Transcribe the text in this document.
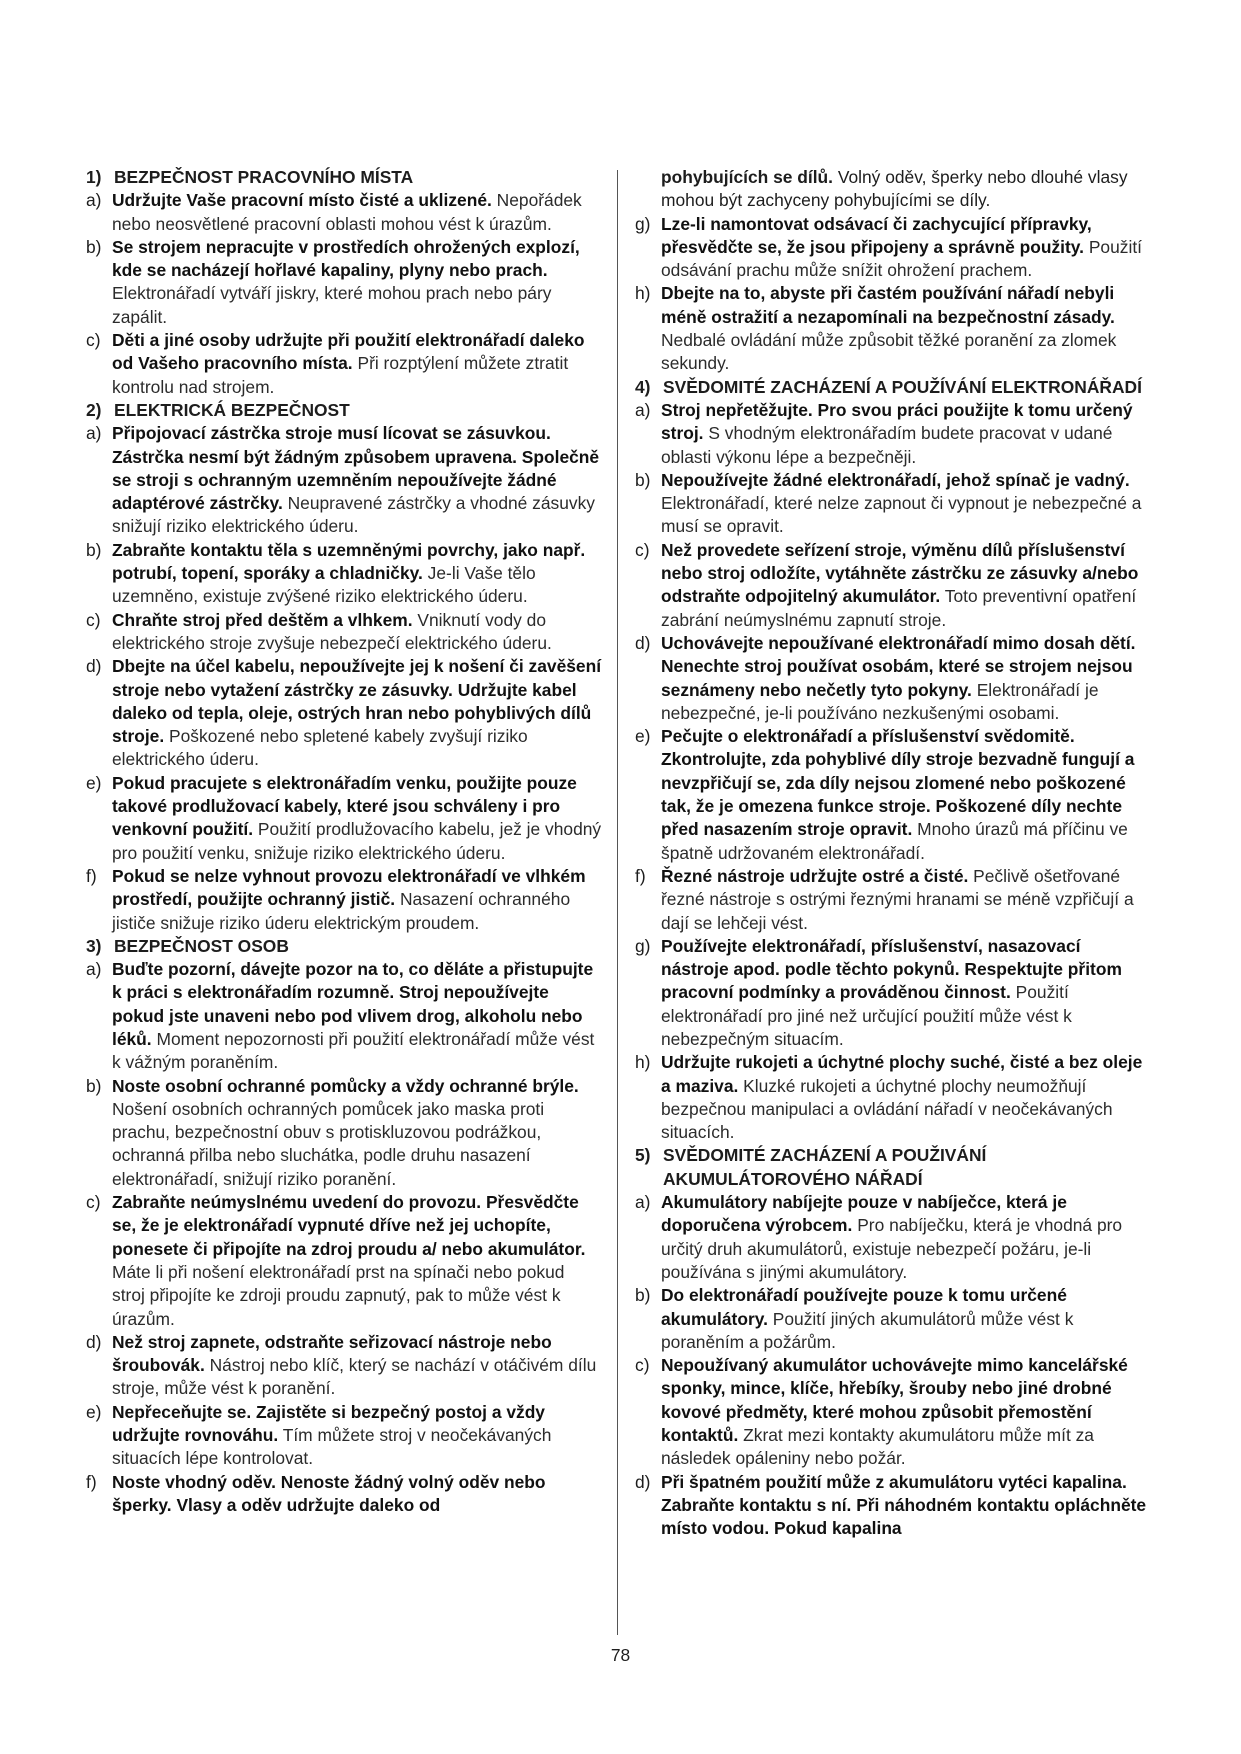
1) BEZPEČNOST PRACOVNÍHO MÍSTA

a) Udržujte Vaše pracovní místo čisté a uklizené. Nepořádek nebo neosvětlené pracovní oblasti mohou vést k úrazům.

b) Se strojem nepracujte v prostředích ohrožených explozí, kde se nacházejí hořlavé kapaliny, plyny nebo prach. Elektronářadí vytváří jiskry, které mohou prach nebo páry zapálit.

c) Děti a jiné osoby udržujte při použití elektronářadí daleko od Vašeho pracovního místa. Při rozptýlení můžete ztratit kontrolu nad strojem.

2) ELEKTRICKÁ BEZPEČNOST

a) Připojovací zástrčka stroje musí lícovat se zásuvkou. Zástrčka nesmí být žádným způsobem upravena. Společně se stroji s ochranným uzemněním nepoužívejte žádné adaptérové zástrčky. Neupravené zástrčky a vhodné zásuvky snižují riziko elektrického úderu.

b) Zabraňte kontaktu těla s uzemněnými povrchy, jako např. potrubí, topení, sporáky a chladničky. Je-li Vaše tělo uzemněno, existuje zvýšené riziko elektrického úderu.

c) Chraňte stroj před deštěm a vlhkem. Vniknutí vody do elektrického stroje zvyšuje nebezpečí elektrického úderu.

d) Dbejte na účel kabelu, nepoužívejte jej k nošení či zavěšení stroje nebo vytažení zástrčky ze zásuvky. Udržujte kabel daleko od tepla, oleje, ostrých hran nebo pohyblivých dílů stroje. Poškozené nebo spletené kabely zvyšují riziko elektrického úderu.

e) Pokud pracujete s elektronářadím venku, použijte pouze takové prodlužovací kabely, které jsou schváleny i pro venkovní použití. Použití prodlužovacího kabelu, jež je vhodný pro použití venku, snižuje riziko elektrického úderu.

f) Pokud se nelze vyhnout provozu elektronářadí ve vlhkém prostředí, použijte ochranný jistič. Nasazení ochranného jističe snižuje riziko úderu elektrickým proudem.

3) BEZPEČNOST OSOB

a) Buďte pozorní, dávejte pozor na to, co děláte a přistupujte k práci s elektronářadím rozumně. Stroj nepoužívejte pokud jste unaveni nebo pod vlivem drog, alkoholu nebo léků. Moment nepozornosti při použití elektronářadí může vést k vážným poraněním.

b) Noste osobní ochranné pomůcky a vždy ochranné brýle. Nošení osobních ochranných pomůcek jako maska proti prachu, bezpečnostní obuv s protiskluzovou podrážkou, ochranná přilba nebo sluchátka, podle druhu nasazení elektronářadí, snižují riziko poranění.

c) Zabraňte neúmyslnému uvedení do provozu. Přesvědčte se, že je elektronářadí vypnuté dříve než jej uchopíte, ponesete či připojíte na zdroj proudu a/ nebo akumulátor. Máte li při nošení elektronářadí prst na spínači nebo pokud stroj připojíte ke zdroji proudu zapnutý, pak to může vést k úrazům.

d) Než stroj zapnete, odstraňte seřizovací nástroje nebo šroubovák. Nástroj nebo klíč, který se nachází v otáčivém dílu stroje, může vést k poranění.

e) Nepřeceňujte se. Zajistěte si bezpečný postoj a vždy udržujte rovnováhu. Tím můžete stroj v neočekávaných situacích lépe kontrolovat.

f) Noste vhodný oděv. Nenoste žádný volný oděv nebo šperky. Vlasy a oděv udržujte daleko od

pohybujících se dílů. Volný oděv, šperky nebo dlouhé vlasy mohou být zachyceny pohybujícími se díly.

g) Lze-li namontovat odsávací či zachycující přípravky, přesvědčte se, že jsou připojeny a správně použity. Použití odsávání prachu může snížit ohrožení prachem.

h) Dbejte na to, abyste při častém používání nářadí nebyli méně ostražití a nezapomínali na bezpečnostní zásady. Nedbalé ovládání může způsobit těžké poranění za zlomek sekundy.

4) SVĚDOMITÉ ZACHÁZENÍ A POUŽÍVÁNÍ ELEKTRONÁŘADÍ

a) Stroj nepřetěžujte. Pro svou práci použijte k tomu určený stroj. S vhodným elektronářadím budete pracovat v udané oblasti výkonu lépe a bezpečněji.

b) Nepoužívejte žádné elektronářadí, jehož spínač je vadný. Elektronářadí, které nelze zapnout či vypnout je nebezpečné a musí se opravit.

c) Než provedete seřízení stroje, výměnu dílů příslušenství nebo stroj odložíte, vytáhněte zástrčku ze zásuvky a/nebo odstraňte odpojitelný akumulátor. Toto preventivní opatření zabrání neúmyslnému zapnutí stroje.

d) Uchovávejte nepoužívané elektronářadí mimo dosah dětí. Nenechte stroj používat osobám, které se strojem nejsou seznámeny nebo nečetly tyto pokyny. Elektronářadí je nebezpečné, je-li používáno nezkušenými osobami.

e) Pečujte o elektronářadí a příslušenství svědomitě. Zkontrolujte, zda pohyblivé díly stroje bezvadně fungují a nevzpřičují se, zda díly nejsou zlomené nebo poškozené tak, že je omezena funkce stroje. Poškozené díly nechte před nasazením stroje opravit. Mnoho úrazů má příčinu ve špatně udržovaném elektronářadí.

f) Řezné nástroje udržujte ostré a čisté. Pečlivě ošetřované řezné nástroje s ostrými řeznými hranami se méně vzpřičují a dají se lehčeji vést.

g) Používejte elektronářadí, příslušenství, nasazovací nástroje apod. podle těchto pokynů. Respektujte přitom pracovní podmínky a prováděnou činnost. Použití elektronářadí pro jiné než určující použití může vést k nebezpečným situacím.

h) Udržujte rukojeti a úchytné plochy suché, čisté a bez oleje a maziva. Kluzké rukojeti a úchytné plochy neumožňují bezpečnou manipulaci a ovládání nářadí v neočekávaných situacích.

5) SVĚDOMITÉ ZACHÁZENÍ A POUŽIVÁNÍ AKUMULÁTOROVÉHO NÁŘADÍ

a) Akumulátory nabíjejte pouze v nabíječce, která je doporučena výrobcem. Pro nabíječku, která je vhodná pro určitý druh akumulátorů, existuje nebezpečí požáru, je-li používána s jinými akumulátory.

b) Do elektronářadí používejte pouze k tomu určené akumulátory. Použití jiných akumulátorů může vést k poraněním a požárům.

c) Nepoužívaný akumulátor uchovávejte mimo kancelářské sponky, mince, klíče, hřebíky, šrouby nebo jiné drobné kovové předměty, které mohou způsobit přemostění kontaktů. Zkrat mezi kontakty akumulátoru může mít za následek opáleniny nebo požár.

d) Při špatném použití může z akumulátoru vytéci kapalina. Zabraňte kontaktu s ní. Při náhodném kontaktu opláchněte místo vodou. Pokud kapalina

78
